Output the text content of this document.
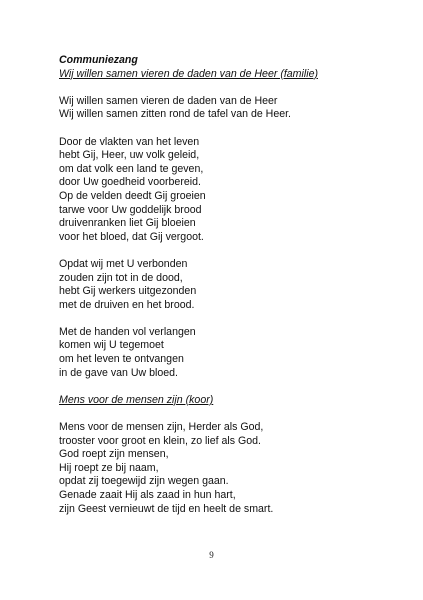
Communiezang
Wij willen samen vieren de daden van de Heer (familie)
Wij willen samen vieren de daden van de Heer
Wij willen samen zitten rond de tafel van de Heer.
Door de vlakten van het leven
hebt Gij, Heer, uw volk geleid,
om dat volk een land te geven,
door Uw goedheid voorbereid.
Op de velden deedt Gij groeien
tarwe voor Uw goddelijk brood
druivenranken liet Gij bloeien
voor het bloed, dat Gij vergoot.
Opdat wij met U verbonden
zouden zijn tot in de dood,
hebt Gij werkers uitgezonden
met de druiven en het brood.
Met de handen vol verlangen
komen wij U tegemoet
om het leven te ontvangen
in de gave van Uw bloed.
Mens voor de mensen zijn (koor)
Mens voor de mensen zijn, Herder als God,
trooster voor groot en klein, zo lief als God.
God roept zijn mensen,
Hij roept ze bij naam,
opdat zij toegewijd zijn wegen gaan.
Genade zaait Hij als zaad in hun hart,
zijn Geest vernieuwt de tijd en heelt de smart.
9
